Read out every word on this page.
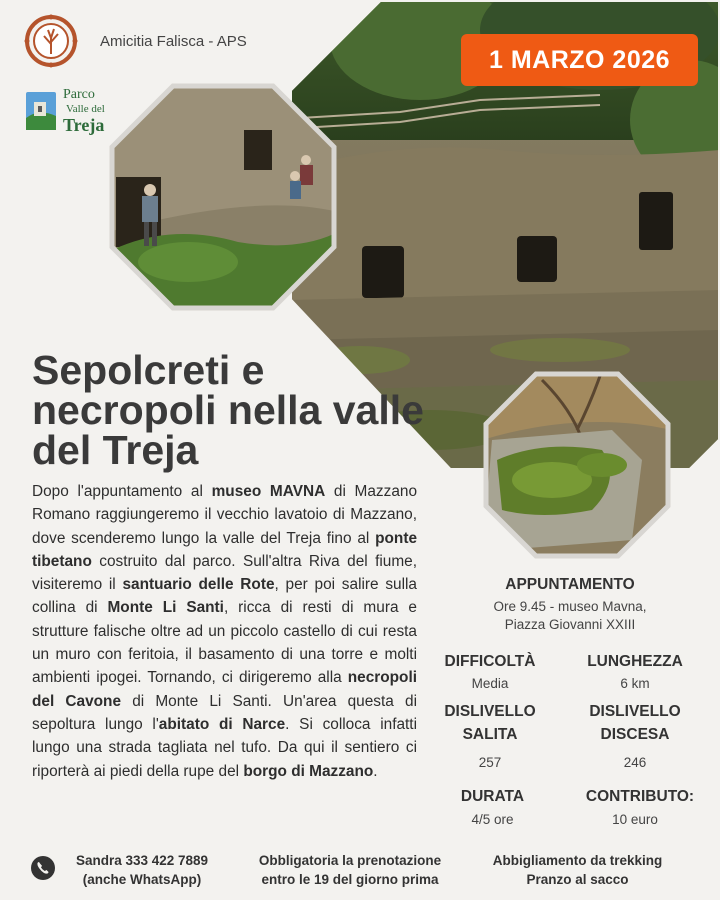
Amicitia Falisca - APS
Parco
Valle del
Treja
1 MARZO 2026
Sepolcreti e necropoli nella valle del Treja
Dopo l'appuntamento al museo MAVNA di Mazzano Romano raggiungeremo il vecchio lavatoio di Mazzano, dove scenderemo lungo la valle del Treja fino al ponte tibetano costruito dal parco. Sull'altra Riva del fiume, visiteremo il santuario delle Rote, per poi salire sulla collina di Monte Li Santi, ricca di resti di mura e strutture falische oltre ad un piccolo castello di cui resta un muro con feritoia, il basamento di una torre e molti ambienti ipogei. Tornando, ci dirigeremo alla necropoli del Cavone di Monte Li Santi. Un'area questa di sepoltura lungo l'abitato di Narce. Si colloca infatti lungo una strada tagliata nel tufo. Da qui il sentiero ci riporterà ai piedi della rupe del borgo di Mazzano.
APPUNTAMENTO
Ore 9.45 - museo Mavna,
Piazza Giovanni XXIII
DIFFICOLTÀ
Media
LUNGHEZZA
6 km
DISLIVELLO
SALITA
257
DISLIVELLO
DISCESA
246
DURATA
4/5 ore
CONTRIBUTO:
10 euro
Sandra 333 422 7889
(anche WhatsApp)
Obbligatoria la prenotazione
entro le 19 del giorno prima
Abbigliamento da trekking
Pranzo al sacco
